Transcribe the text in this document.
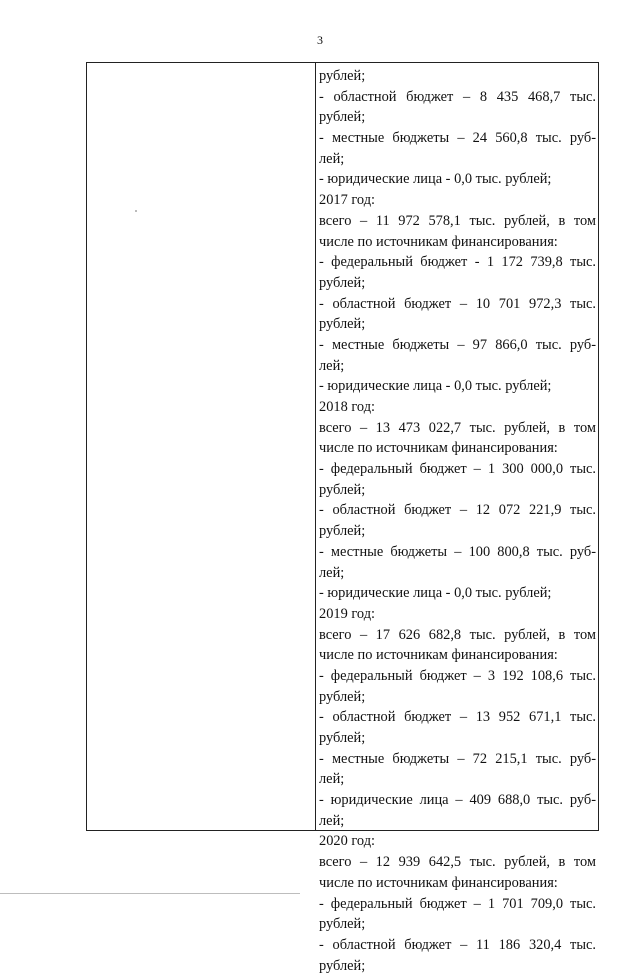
3
рублей;
- областной бюджет – 8 435 468,7 тыс.
рублей;
- местные бюджеты – 24 560,8 тыс. руб-
лей;
- юридические лица - 0,0 тыс. рублей;
2017 год:
всего – 11 972 578,1 тыс. рублей, в том
числе по источникам финансирования:
- федеральный бюджет - 1 172 739,8 тыс.
рублей;
- областной бюджет – 10 701 972,3 тыс.
рублей;
- местные бюджеты – 97 866,0 тыс. руб-
лей;
- юридические лица - 0,0 тыс. рублей;
2018 год:
всего – 13 473 022,7 тыс. рублей, в том
числе по источникам финансирования:
- федеральный бюджет – 1 300 000,0 тыс.
рублей;
- областной бюджет – 12 072 221,9 тыс.
рублей;
- местные бюджеты – 100 800,8 тыс. руб-
лей;
- юридические лица - 0,0 тыс. рублей;
2019 год:
всего – 17 626 682,8 тыс. рублей, в том
числе по источникам финансирования:
- федеральный бюджет – 3 192 108,6 тыс.
рублей;
- областной бюджет – 13 952 671,1 тыс.
рублей;
- местные бюджеты – 72 215,1 тыс. руб-
лей;
- юридические лица – 409 688,0 тыс. руб-
лей;
2020 год:
всего – 12 939 642,5 тыс. рублей, в том
числе по источникам финансирования:
- федеральный бюджет – 1 701 709,0 тыс.
рублей;
- областной бюджет – 11 186 320,4 тыс.
рублей;
